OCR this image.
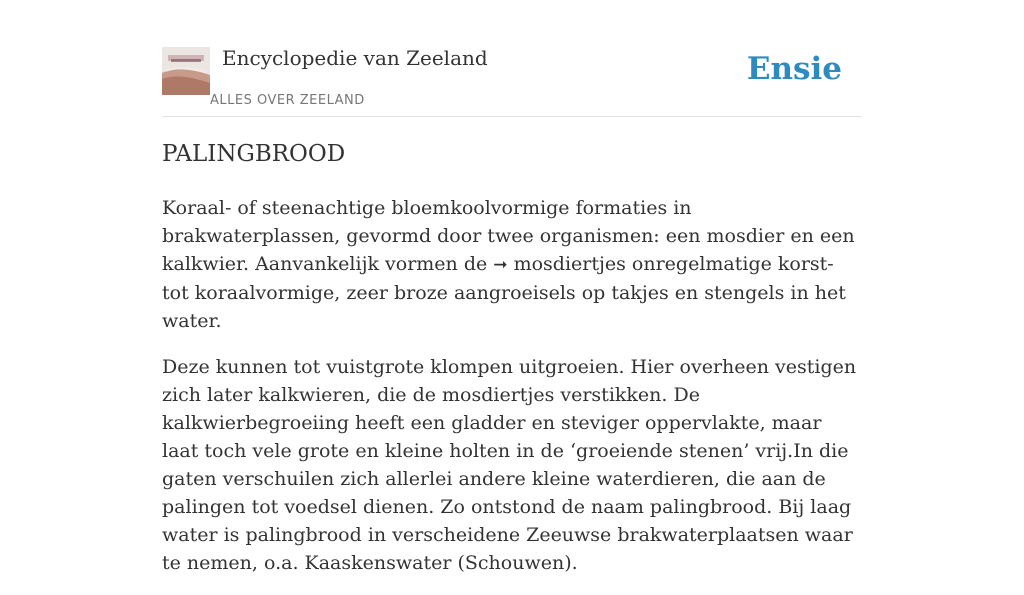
Encyclopedie van Zeeland
ALLES OVER ZEELAND
Ensie
PALINGBROOD

Koraal- of steenachtige bloemkoolvormige formaties in brakwaterplassen, gevormd door twee organismen: een mosdier en een kalkwier. Aanvankelijk vormen de ➞ mosdiertjes onregelmatige korst- tot koraalvormige, zeer broze aangroeisels op takjes en stengels in het water.

Deze kunnen tot vuistgrote klompen uitgroeien. Hier overheen vestigen zich later kalkwieren, die de mosdiertjes verstikken. De kalkwierbegroeiing heeft een gladder en steviger oppervlakte, maar laat toch vele grote en kleine holten in de ‘groeiende stenen’ vrij.In die gaten verschuilen zich allerlei andere kleine waterdieren, die aan de palingen tot voedsel dienen. Zo ontstond de naam palingbrood. Bij laag water is palingbrood in verscheidene Zeeuwse brakwaterplaatsen waar te nemen, o.a. Kaaskenswater (Schouwen).
